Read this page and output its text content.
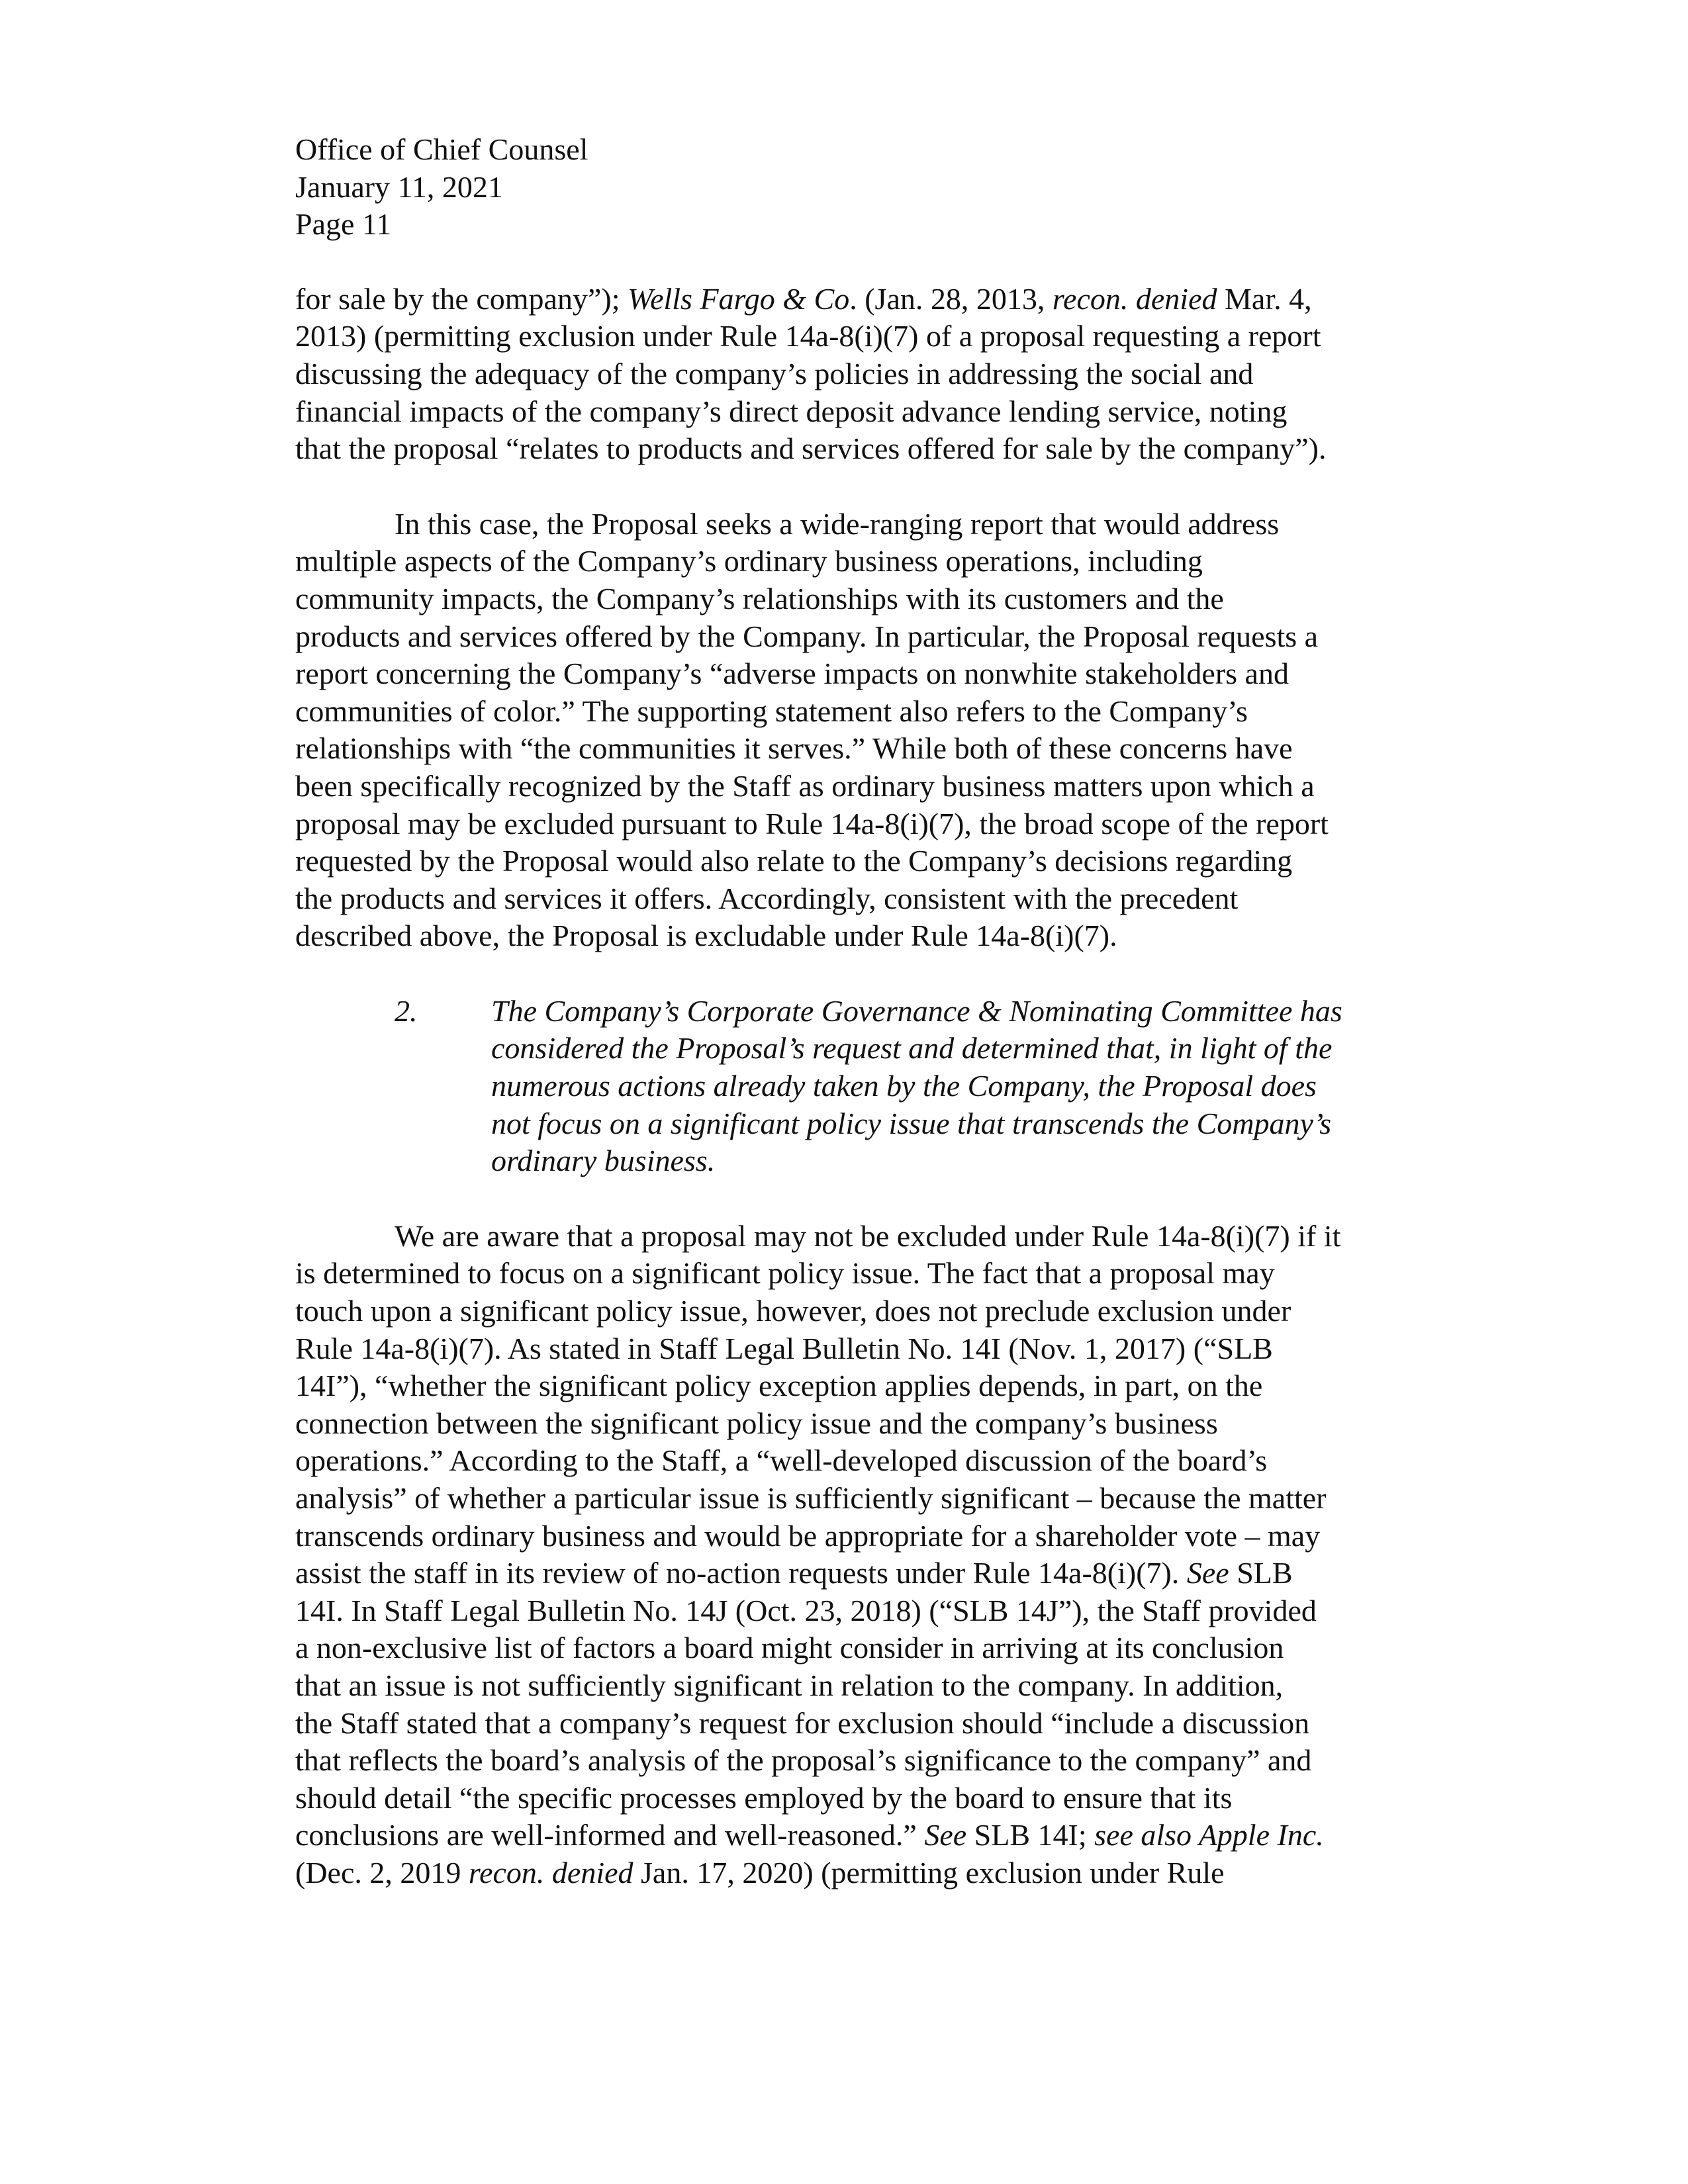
Office of Chief Counsel
January 11, 2021
Page 11
for sale by the company”); Wells Fargo & Co. (Jan. 28, 2013, recon. denied Mar. 4,
2013) (permitting exclusion under Rule 14a-8(i)(7) of a proposal requesting a report
discussing the adequacy of the company’s policies in addressing the social and
financial impacts of the company’s direct deposit advance lending service, noting
that the proposal “relates to products and services offered for sale by the company”).
In this case, the Proposal seeks a wide-ranging report that would address
multiple aspects of the Company’s ordinary business operations, including
community impacts, the Company’s relationships with its customers and the
products and services offered by the Company. In particular, the Proposal requests a
report concerning the Company’s “adverse impacts on nonwhite stakeholders and
communities of color.” The supporting statement also refers to the Company’s
relationships with “the communities it serves.” While both of these concerns have
been specifically recognized by the Staff as ordinary business matters upon which a
proposal may be excluded pursuant to Rule 14a-8(i)(7), the broad scope of the report
requested by the Proposal would also relate to the Company’s decisions regarding
the products and services it offers. Accordingly, consistent with the precedent
described above, the Proposal is excludable under Rule 14a-8(i)(7).
2.	The Company’s Corporate Governance & Nominating Committee has
considered the Proposal’s request and determined that, in light of the
numerous actions already taken by the Company, the Proposal does
not focus on a significant policy issue that transcends the Company’s
ordinary business.
We are aware that a proposal may not be excluded under Rule 14a-8(i)(7) if it
is determined to focus on a significant policy issue. The fact that a proposal may
touch upon a significant policy issue, however, does not preclude exclusion under
Rule 14a-8(i)(7). As stated in Staff Legal Bulletin No. 14I (Nov. 1, 2017) (“SLB
14I”), “whether the significant policy exception applies depends, in part, on the
connection between the significant policy issue and the company’s business
operations.” According to the Staff, a “well-developed discussion of the board’s
analysis” of whether a particular issue is sufficiently significant – because the matter
transcends ordinary business and would be appropriate for a shareholder vote – may
assist the staff in its review of no-action requests under Rule 14a-8(i)(7). See SLB
14I. In Staff Legal Bulletin No. 14J (Oct. 23, 2018) (“SLB 14J”), the Staff provided
a non-exclusive list of factors a board might consider in arriving at its conclusion
that an issue is not sufficiently significant in relation to the company. In addition,
the Staff stated that a company’s request for exclusion should “include a discussion
that reflects the board’s analysis of the proposal’s significance to the company” and
should detail “the specific processes employed by the board to ensure that its
conclusions are well-informed and well-reasoned.” See SLB 14I; see also Apple Inc.
(Dec. 2, 2019 recon. denied Jan. 17, 2020) (permitting exclusion under Rule
